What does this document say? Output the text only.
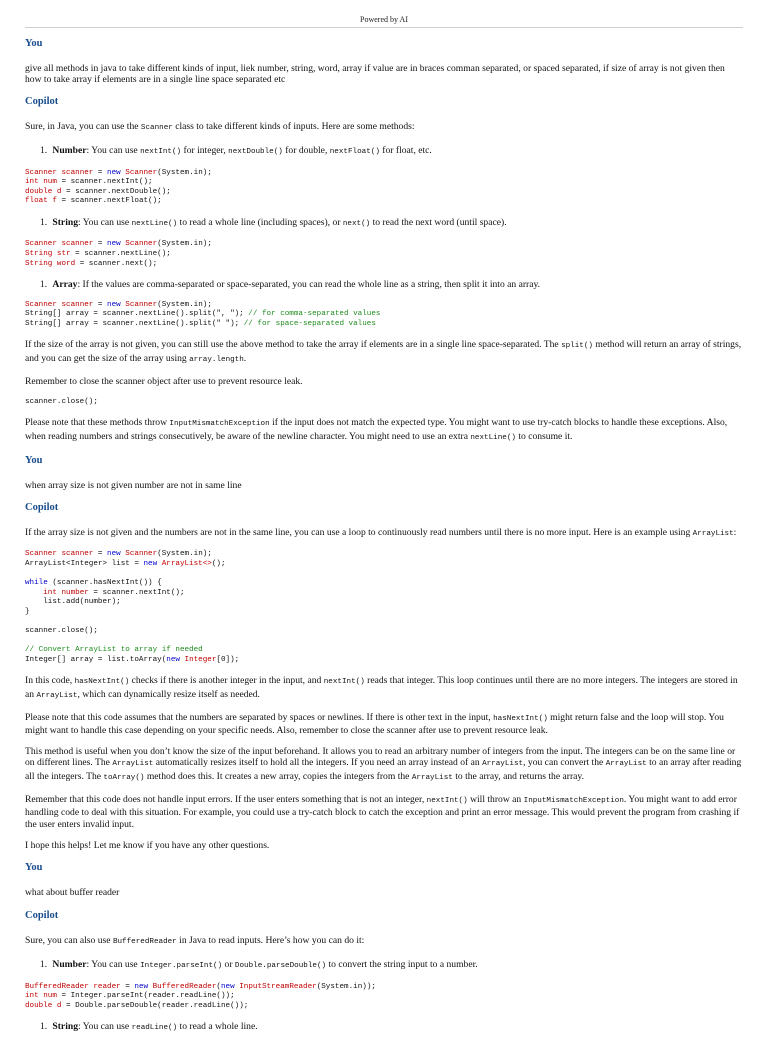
Powered by AI
You
give all methods in java to take different kinds of input, liek number, string, word, array if value are in braces comman separated, or spaced separated, if size of array is not given then how to take array if elements are in a single line space separated etc
Copilot
Sure, in Java, you can use the Scanner class to take different kinds of inputs. Here are some methods:
1. Number: You can use nextInt() for integer, nextDouble() for double, nextFloat() for float, etc.
Scanner scanner = new Scanner(System.in);
int num = scanner.nextInt();
double d = scanner.nextDouble();
float f = scanner.nextFloat();
1. String: You can use nextLine() to read a whole line (including spaces), or next() to read the next word (until space).
Scanner scanner = new Scanner(System.in);
String str = scanner.nextLine();
String word = scanner.next();
1. Array: If the values are comma-separated or space-separated, you can read the whole line as a string, then split it into an array.
Scanner scanner = new Scanner(System.in);
String[] array = scanner.nextLine().split(", "); // for comma-separated values
String[] array = scanner.nextLine().split(" "); // for space-separated values
If the size of the array is not given, you can still use the above method to take the array if elements are in a single line space-separated. The split() method will return an array of strings, and you can get the size of the array using array.length.
Remember to close the scanner object after use to prevent resource leak.
scanner.close();
Please note that these methods throw InputMismatchException if the input does not match the expected type. You might want to use try-catch blocks to handle these exceptions. Also, when reading numbers and strings consecutively, be aware of the newline character. You might need to use an extra nextLine() to consume it.
You
when array size is not given number are not in same line
Copilot
If the array size is not given and the numbers are not in the same line, you can use a loop to continuously read numbers until there is no more input. Here is an example using ArrayList:
Scanner scanner = new Scanner(System.in);
ArrayList<Integer> list = new ArrayList<>();

while (scanner.hasNextInt()) {
int number = scanner.nextInt();
list.add(number);
}

scanner.close();

// Convert ArrayList to array if needed
Integer[] array = list.toArray(new Integer[0]);
In this code, hasNextInt() checks if there is another integer in the input, and nextInt() reads that integer. This loop continues until there are no more integers. The integers are stored in an ArrayList, which can dynamically resize itself as needed.
Please note that this code assumes that the numbers are separated by spaces or newlines. If there is other text in the input, hasNextInt() might return false and the loop will stop. You might want to handle this case depending on your specific needs. Also, remember to close the scanner after use to prevent resource leak.
This method is useful when you don’t know the size of the input beforehand. It allows you to read an arbitrary number of integers from the input. The integers can be on the same line or on different lines. The ArrayList automatically resizes itself to hold all the integers. If you need an array instead of an ArrayList, you can convert the ArrayList to an array after reading all the integers. The toArray() method does this. It creates a new array, copies the integers from the ArrayList to the array, and returns the array.
Remember that this code does not handle input errors. If the user enters something that is not an integer, nextInt() will throw an InputMismatchException. You might want to add error handling code to deal with this situation. For example, you could use a try-catch block to catch the exception and print an error message. This would prevent the program from crashing if the user enters invalid input.
I hope this helps! Let me know if you have any other questions.
You
what about buffer reader
Copilot
Sure, you can also use BufferedReader in Java to read inputs. Here’s how you can do it:
1. Number: You can use Integer.parseInt() or Double.parseDouble() to convert the string input to a number.
BufferedReader reader = new BufferedReader(new InputStreamReader(System.in));
int num = Integer.parseInt(reader.readLine());
double d = Double.parseDouble(reader.readLine());
1. String: You can use readLine() to read a whole line.
